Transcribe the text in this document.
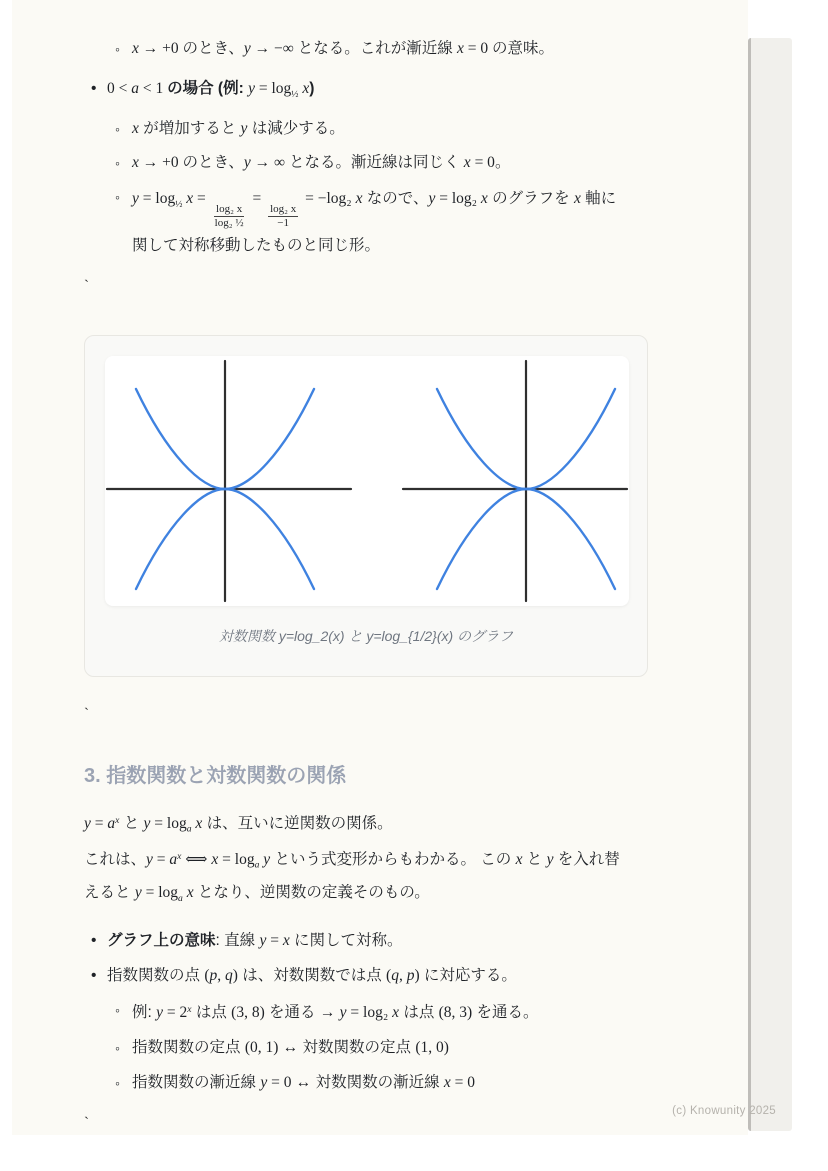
◦ x → +0 のとき、y → −∞ となる。これが漸近線 x = 0 の意味。
• 0 < a < 1 の場合 (例: $y = \log_{\frac{1}{2}} x$)
◦ x が増加すると y は減少する。
◦ x → +0 のとき、y → ∞ となる。漸近線は同じく x = 0。
◦ $y = \log_{\frac{1}{2}} x$ =
$\frac{\text{log₂ x}}{\text{log₂ ½}}$
=
$\frac{\text{log₂ x}}{-1}$
= −log₂ x なので、y = log₂ x のグラフを x 軸に
関して対称移動したものと同じ形。

`

対数関数 y=log_2(x) と y=log_{1/2}(x) のグラフ

`

3. 指数関数と対数関数の関係
$y = a^x$ と $y = \log_a x$ は、互いに逆関数の関係。
これは、$y = a^x$ ⟺ $x = \log_a y$ という式変形からもわかる。 この x と y を入れ替
えると $y = \log_a x$ となり、逆関数の定義そのもの。
• グラフ上の意味: 直線 y = x に関して対称。
• 指数関数の点 (p, q) は、対数関数では点 (q, p) に対応する。
◦ 例: $y = 2^x$ は点 (3, 8) を通る → y = log₂ x は点 (8, 3) を通る。
◦ 指数関数の定点 (0, 1) ↔ 対数関数の定点 (1, 0)
◦ 指数関数の漸近線 y = 0 ↔ 対数関数の漸近線 x = 0

`

(c) Knowunity 2025
